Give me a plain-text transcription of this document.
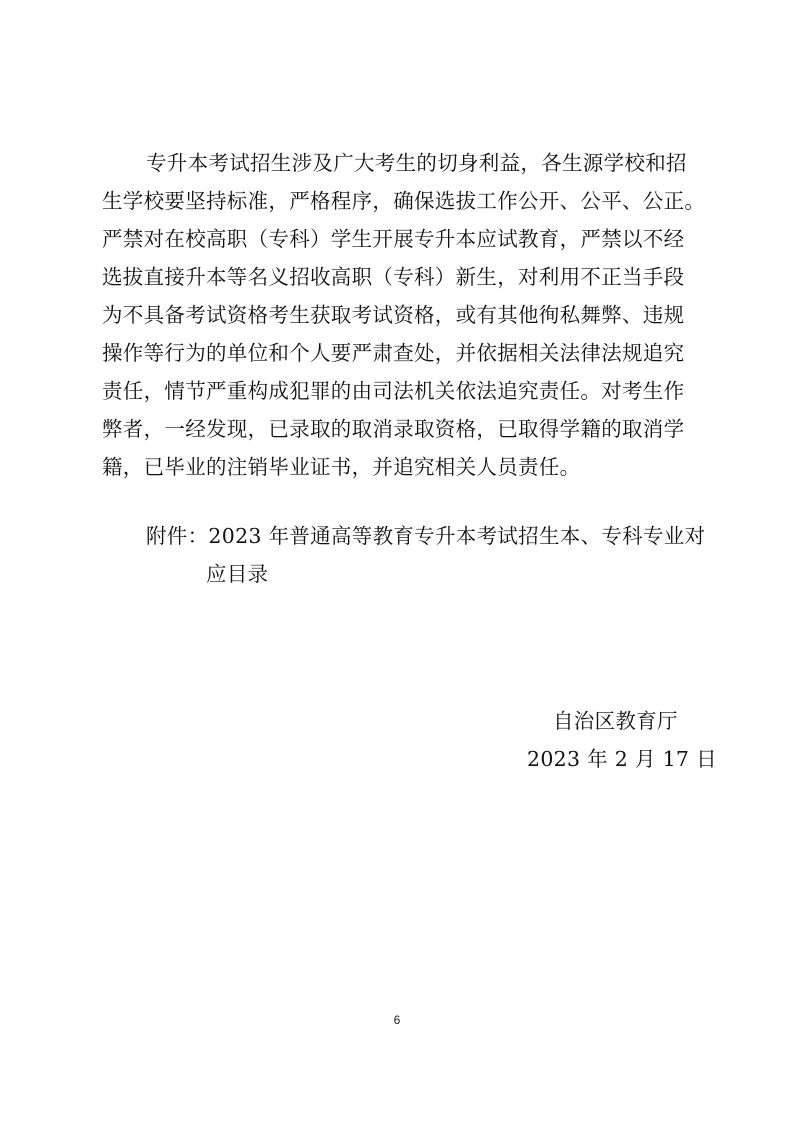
专升本考试招生涉及广大考生的切身利益，各生源学校和招
生学校要坚持标准，严格程序，确保选拔工作公开、公平、公正。
严禁对在校高职（专科）学生开展专升本应试教育，严禁以不经
选拔直接升本等名义招收高职（专科）新生，对利用不正当手段
为不具备考试资格考生获取考试资格，或有其他徇私舞弊、违规
操作等行为的单位和个人要严肃查处，并依据相关法律法规追究
责任，情节严重构成犯罪的由司法机关依法追究责任。对考生作
弊者，一经发现，已录取的取消录取资格，已取得学籍的取消学
籍，已毕业的注销毕业证书，并追究相关人员责任。
附件：2023 年普通高等教育专升本考试招生本、专科专业对
应目录
自治区教育厅
2023 年 2 月 17 日
6
